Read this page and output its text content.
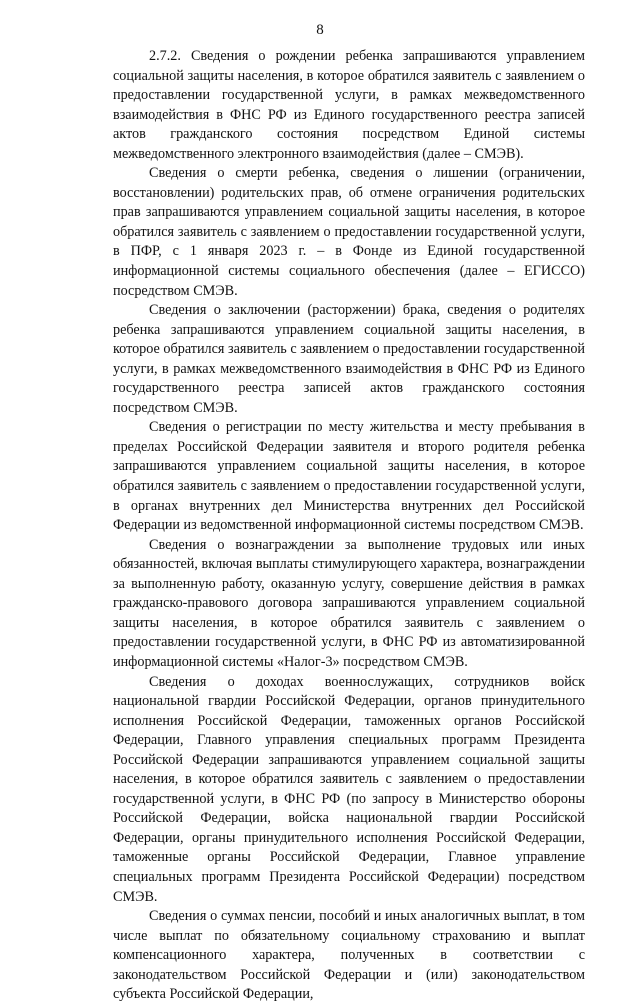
8

2.7.2. Сведения о рождении ребенка запрашиваются управлением социальной защиты населения, в которое обратился заявитель с заявлением о предоставлении государственной услуги, в рамках межведомственного взаимодействия в ФНС РФ из Единого государственного реестра записей актов гражданского состояния посредством Единой системы межведомственного электронного взаимодействия (далее – СМЭВ).

Сведения о смерти ребенка, сведения о лишении (ограничении, восстановлении) родительских прав, об отмене ограничения родительских прав запрашиваются управлением социальной защиты населения, в которое обратился заявитель с заявлением о предоставлении государственной услуги, в ПФР, с 1 января 2023 г. – в Фонде из Единой государственной информационной системы социального обеспечения (далее – ЕГИССО) посредством СМЭВ.

Сведения о заключении (расторжении) брака, сведения о родителях ребенка запрашиваются управлением социальной защиты населения, в которое обратился заявитель с заявлением о предоставлении государственной услуги, в рамках межведомственного взаимодействия в ФНС РФ из Единого государственного реестра записей актов гражданского состояния посредством СМЭВ.

Сведения о регистрации по месту жительства и месту пребывания в пределах Российской Федерации заявителя и второго родителя ребенка запрашиваются управлением социальной защиты населения, в которое обратился заявитель с заявлением о предоставлении государственной услуги, в органах внутренних дел Министерства внутренних дел Российской Федерации из ведомственной информационной системы посредством СМЭВ.

Сведения о вознаграждении за выполнение трудовых или иных обязанностей, включая выплаты стимулирующего характера, вознаграждении за выполненную работу, оказанную услугу, совершение действия в рамках гражданско-правового договора запрашиваются управлением социальной защиты населения, в которое обратился заявитель с заявлением о предоставлении государственной услуги, в ФНС РФ из автоматизированной информационной системы «Налог-3» посредством СМЭВ.

Сведения о доходах военнослужащих, сотрудников войск национальной гвардии Российской Федерации, органов принудительного исполнения Российской Федерации, таможенных органов Российской Федерации, Главного управления специальных программ Президента Российской Федерации запрашиваются управлением социальной защиты населения, в которое обратился заявитель с заявлением о предоставлении государственной услуги, в ФНС РФ (по запросу в Министерство обороны Российской Федерации, войска национальной гвардии Российской Федерации, органы принудительного исполнения Российской Федерации, таможенные органы Российской Федерации, Главное управление специальных программ Президента Российской Федерации) посредством СМЭВ.

Сведения о суммах пенсии, пособий и иных аналогичных выплат, в том числе выплат по обязательному социальному страхованию и выплат компенсационного характера, полученных в соответствии с законодательством Российской Федерации и (или) законодательством субъекта Российской Федерации,
